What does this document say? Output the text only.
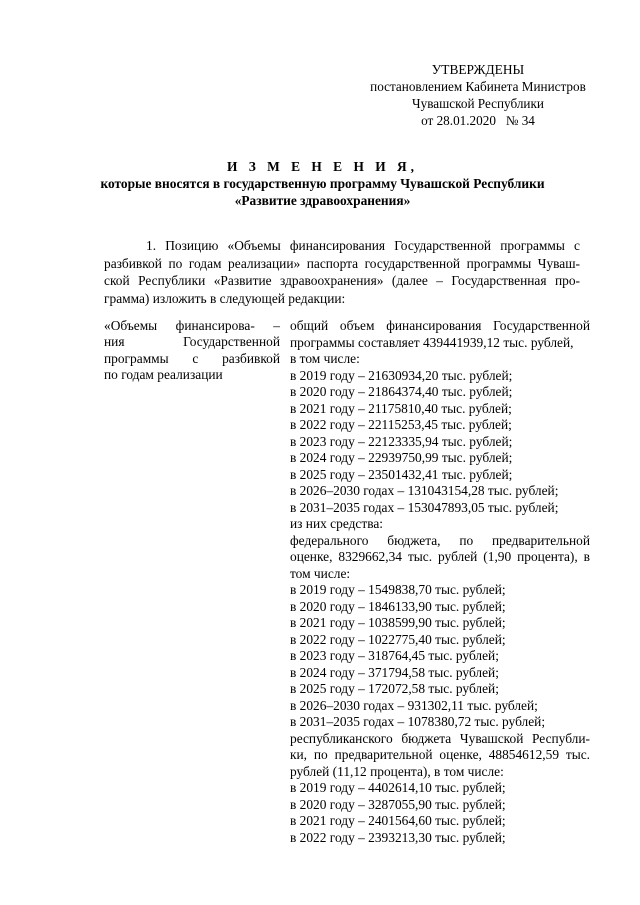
УТВЕРЖДЕНЫ
постановлением Кабинета Министров
Чувашской Республики
от 28.01.2020   № 34
И З М Е Н Е Н И Я,
которые вносятся в государственную программу Чувашской Республики
«Развитие здравоохранения»
1. Позицию «Объемы финансирования Государственной программы с
разбивкой по годам реализации» паспорта государственной программы Чуваш-
ской Республики «Развитие здравоохранения» (далее – Государственная про-
грамма) изложить в следующей редакции:
«Объемы финансирова- –
ния Государственной
программы с разбивкой
по годам реализации
общий объем финансирования Государственной
программы составляет 439441939,12 тыс. рублей,
в том числе:
в 2019 году – 21630934,20 тыс. рублей;
в 2020 году – 21864374,40 тыс. рублей;
в 2021 году – 21175810,40 тыс. рублей;
в 2022 году – 22115253,45 тыс. рублей;
в 2023 году – 22123335,94 тыс. рублей;
в 2024 году – 22939750,99 тыс. рублей;
в 2025 году – 23501432,41 тыс. рублей;
в 2026–2030 годах – 131043154,28 тыс. рублей;
в 2031–2035 годах – 153047893,05 тыс. рублей;
из них средства:
федерального бюджета, по предварительной
оценке, 8329662,34 тыс. рублей (1,90 процента), в
том числе:
в 2019 году – 1549838,70 тыс. рублей;
в 2020 году – 1846133,90 тыс. рублей;
в 2021 году – 1038599,90 тыс. рублей;
в 2022 году – 1022775,40 тыс. рублей;
в 2023 году – 318764,45 тыс. рублей;
в 2024 году – 371794,58 тыс. рублей;
в 2025 году – 172072,58 тыс. рублей;
в 2026–2030 годах – 931302,11 тыс. рублей;
в 2031–2035 годах – 1078380,72 тыс. рублей;
республиканского бюджета Чувашской Республи-
ки, по предварительной оценке, 48854612,59 тыс.
рублей (11,12 процента), в том числе:
в 2019 году – 4402614,10 тыс. рублей;
в 2020 году – 3287055,90 тыс. рублей;
в 2021 году – 2401564,60 тыс. рублей;
в 2022 году – 2393213,30 тыс. рублей;
